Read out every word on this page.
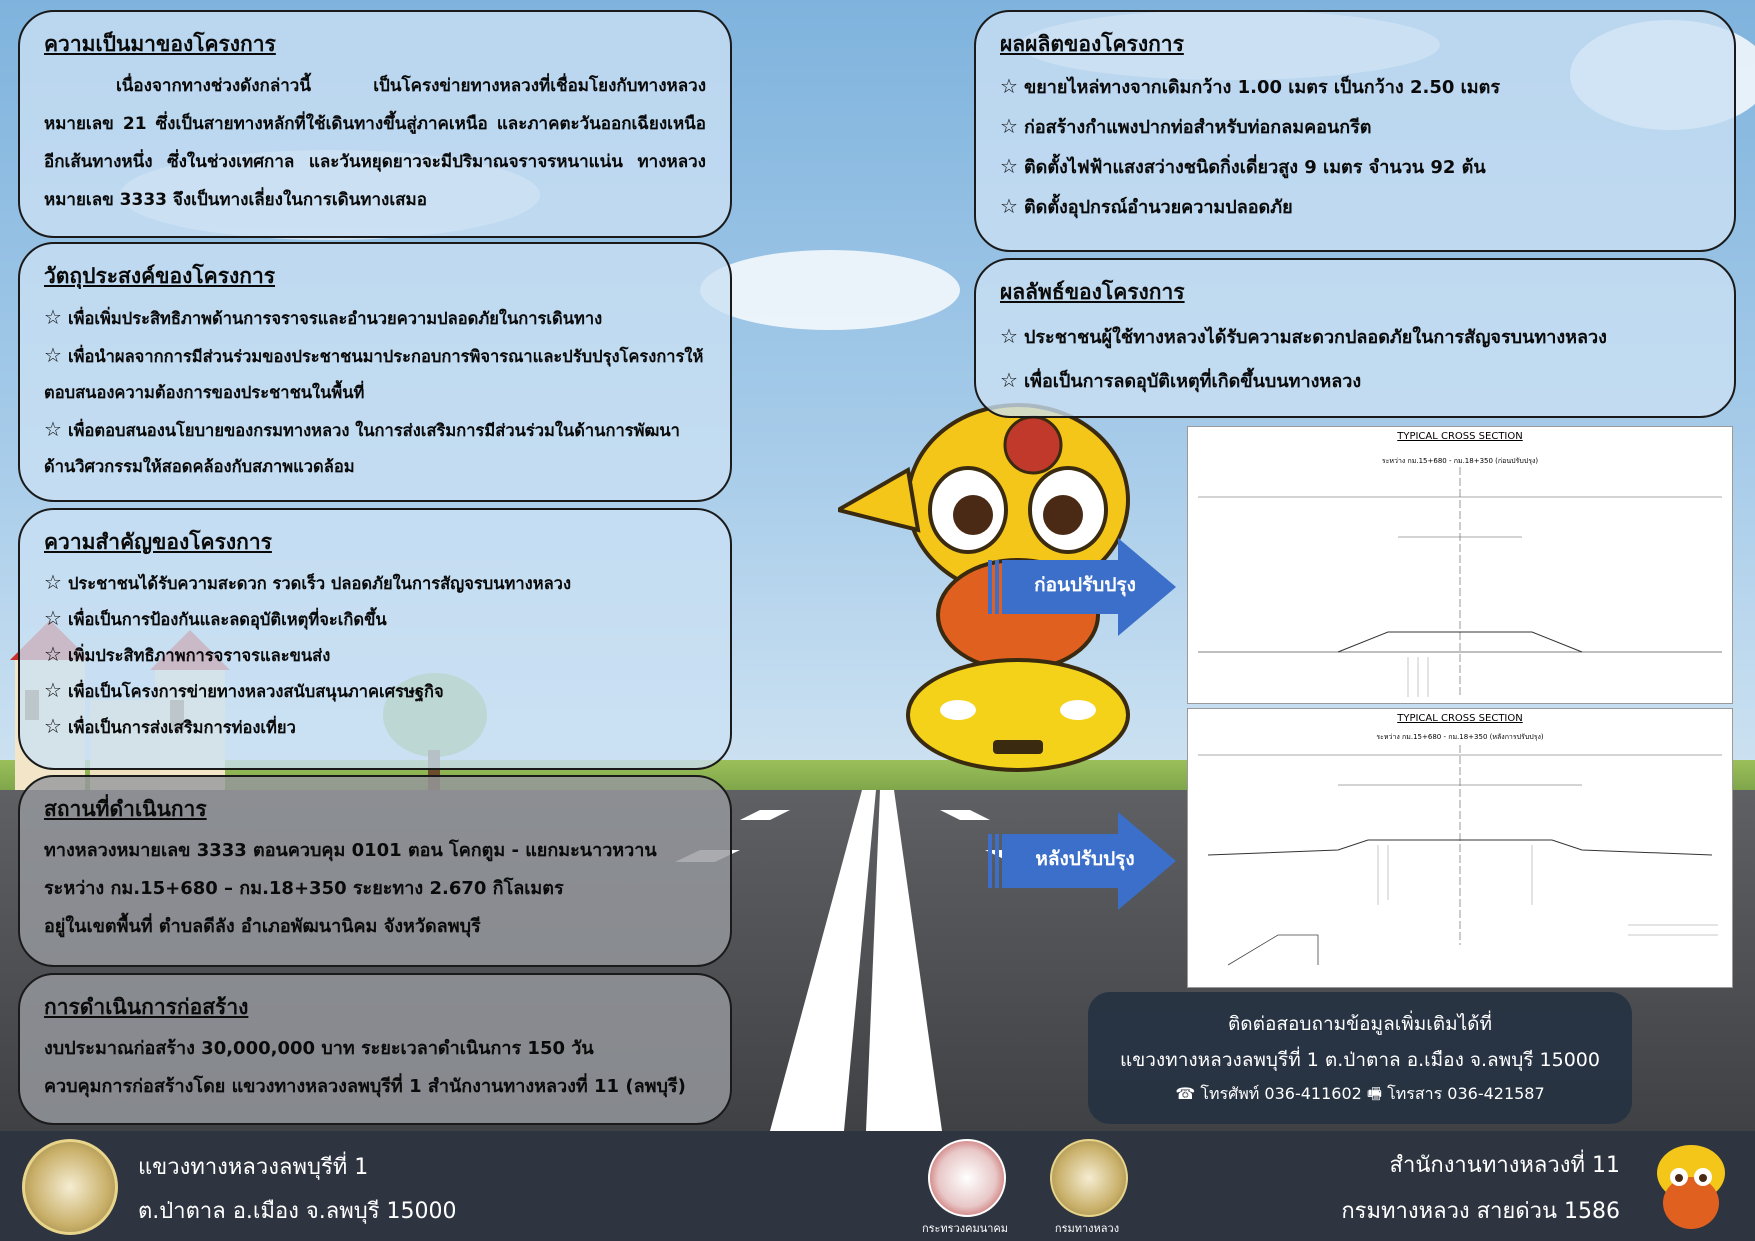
ความเป็นมาของโครงการ

เนื่องจากทางช่วงดังกล่าวนี้ เป็นโครงข่ายทางหลวงที่เชื่อมโยงกับทางหลวงหมายเลข 21 ซึ่งเป็นสายทางหลักที่ใช้เดินทางขึ้นสู่ภาคเหนือ และภาคตะวันออกเฉียงเหนืออีกเส้นทางหนึ่ง ซึ่งในช่วงเทศกาล และวันหยุดยาวจะมีปริมาณจราจรหนาแน่น ทางหลวงหมายเลข 3333 จึงเป็นทางเลี่ยงในการเดินทางเสมอ

วัตถุประสงค์ของโครงการ
☆ เพื่อเพิ่มประสิทธิภาพด้านการจราจรและอำนวยความปลอดภัยในการเดินทาง
☆ เพื่อนำผลจากการมีส่วนร่วมของประชาชนมาประกอบการพิจารณาและปรับปรุงโครงการให้ตอบสนองความต้องการของประชาชนในพื้นที่
☆ เพื่อตอบสนองนโยบายของกรมทางหลวง ในการส่งเสริมการมีส่วนร่วมในด้านการพัฒนาด้านวิศวกรรมให้สอดคล้องกับสภาพแวดล้อม
ความสำคัญของโครงการ
☆ ประชาชนได้รับความสะดวก รวดเร็ว ปลอดภัยในการสัญจรบนทางหลวง
☆ เพื่อเป็นการป้องกันและลดอุบัติเหตุที่จะเกิดขึ้น
☆ เพิ่มประสิทธิภาพการจราจรและขนส่ง
☆ เพื่อเป็นโครงการข่ายทางหลวงสนับสนุนภาคเศรษฐกิจ
☆ เพื่อเป็นการส่งเสริมการท่องเที่ยว
สถานที่ดำเนินการ
ทางหลวงหมายเลข 3333 ตอนควบคุม 0101 ตอน โคกตูม - แยกมะนาวหวาน
ระหว่าง กม.15+680 – กม.18+350 ระยะทาง 2.670 กิโลเมตร
อยู่ในเขตพื้นที่ ตำบลดีลัง อำเภอพัฒนานิคม จังหวัดลพบุรี
การดำเนินการก่อสร้าง
งบประมาณก่อสร้าง 30,000,000 บาท ระยะเวลาดำเนินการ 150 วัน
ควบคุมการก่อสร้างโดย แขวงทางหลวงลพบุรีที่ 1 สำนักงานทางหลวงที่ 11 (ลพบุรี)
ผลผลิตของโครงการ
☆ ขยายไหล่ทางจากเดิมกว้าง 1.00 เมตร เป็นกว้าง 2.50 เมตร
☆ ก่อสร้างกำแพงปากท่อสำหรับท่อกลมคอนกรีต
☆ ติดตั้งไฟฟ้าแสงสว่างชนิดกิ่งเดี่ยวสูง 9 เมตร จำนวน 92 ต้น
☆ ติดตั้งอุปกรณ์อำนวยความปลอดภัย
ผลลัพธ์ของโครงการ
☆ ประชาชนผู้ใช้ทางหลวงได้รับความสะดวกปลอดภัยในการสัญจรบนทางหลวง
☆ เพื่อเป็นการลดอุบัติเหตุที่เกิดขึ้นบนทางหลวง
TYPICAL CROSS SECTION
ระหว่าง กม.15+680 - กม.18+350 (ก่อนปรับปรุง)
TYPICAL CROSS SECTION
ระหว่าง กม.15+680 - กม.18+350 (หลังการปรับปรุง)
ก่อนปรับปรุง
หลังปรับปรุง
ติดต่อสอบถามข้อมูลเพิ่มเติมได้ที่
แขวงทางหลวงลพบุรีที่ 1 ต.ป่าตาล อ.เมือง จ.ลพบุรี 15000
☎ โทรศัพท์ 036-411602 🖷 โทรสาร 036-421587
แขวงทางหลวงลพบุรีที่ 1
ต.ป่าตาล อ.เมือง จ.ลพบุรี 15000
กระทรวงคมนาคม	กรมทางหลวง
สำนักงานทางหลวงที่ 11
กรมทางหลวง สายด่วน 1586
